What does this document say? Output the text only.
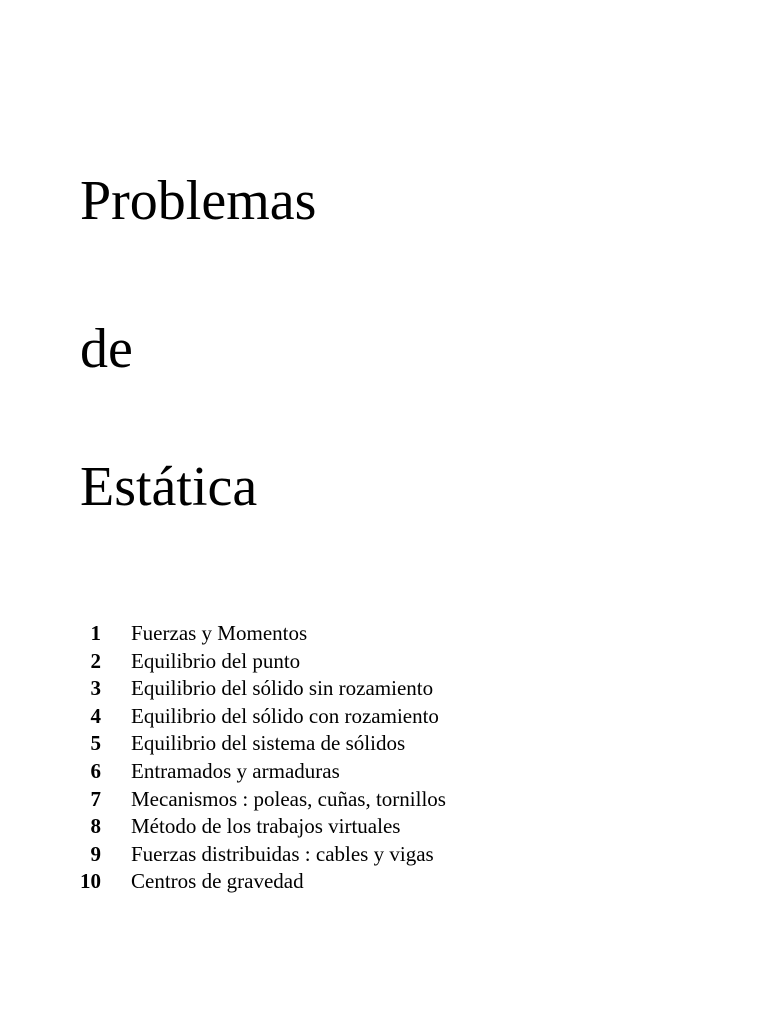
Problemas
de
Estática
1 Fuerzas y Momentos
2 Equilibrio del punto
3 Equilibrio del sólido sin rozamiento
4 Equilibrio del sólido con rozamiento
5 Equilibrio del sistema de sólidos
6 Entramados y armaduras
7 Mecanismos : poleas, cuñas, tornillos
8 Método de los trabajos virtuales
9 Fuerzas distribuidas : cables y vigas
10 Centros de gravedad
